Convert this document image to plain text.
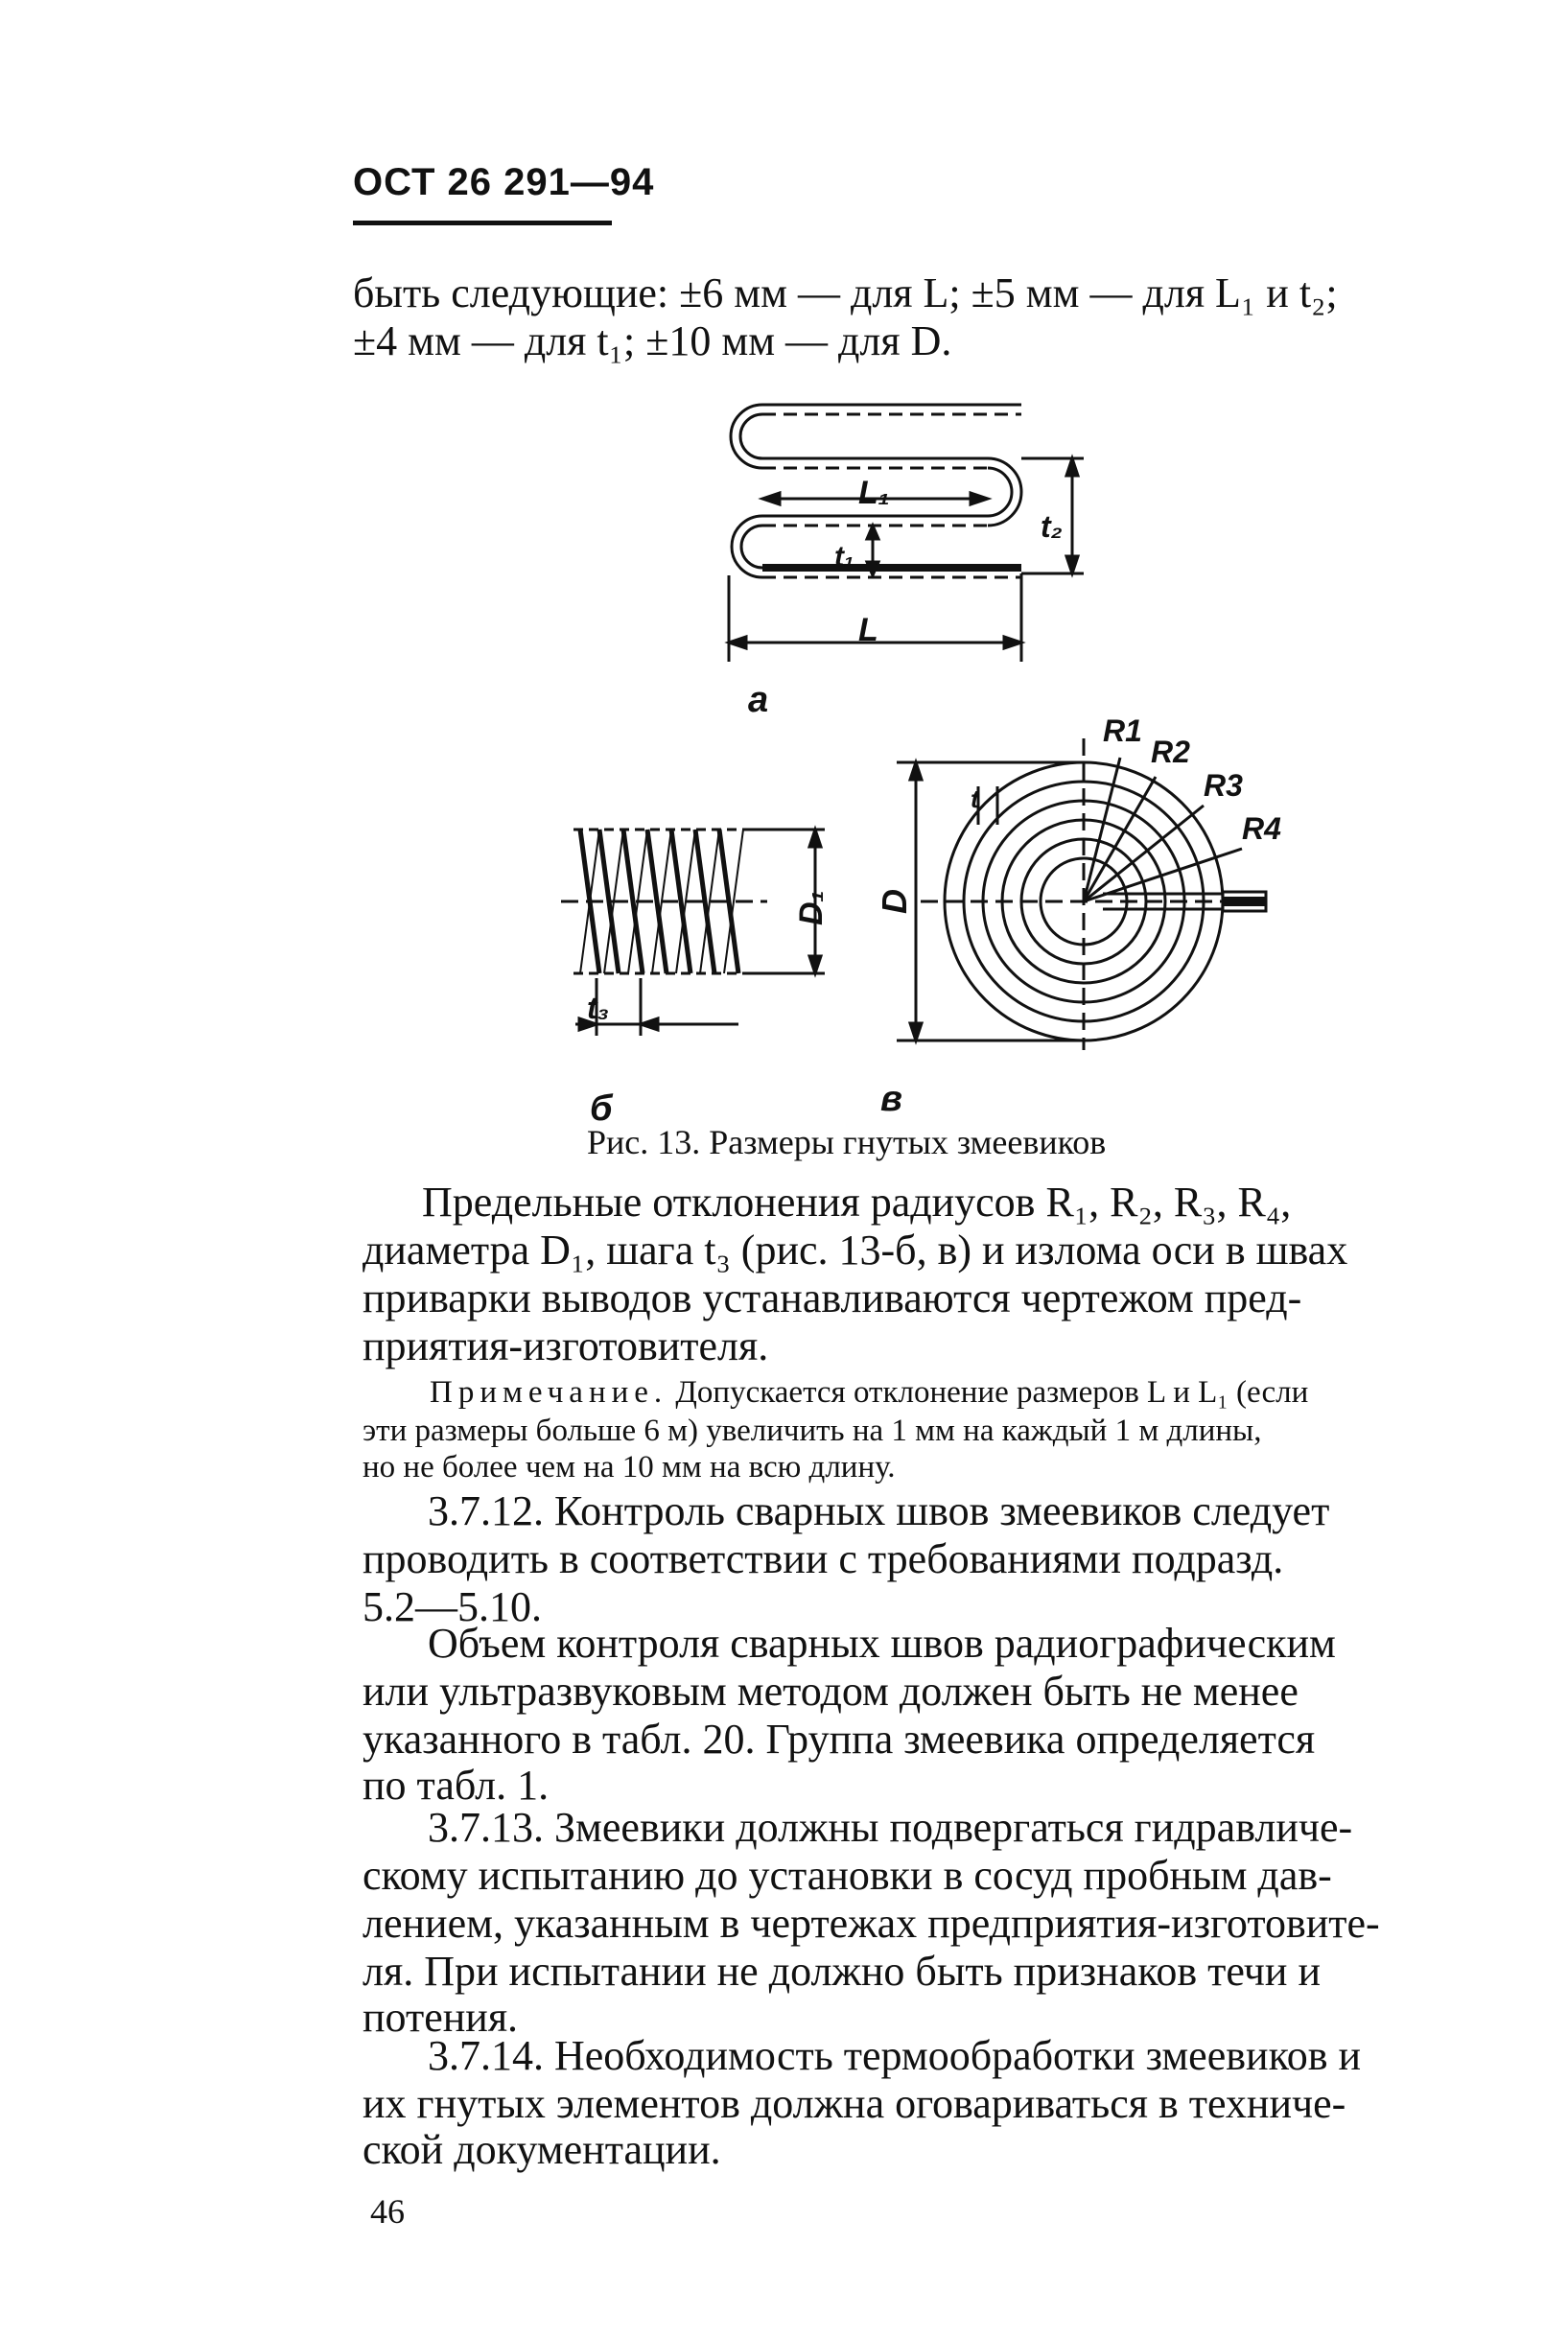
ОСТ 26 291—94
быть следующие: ±6 мм — для L; ±5 мм — для L₁ и t₂;
±4 мм — для t₁; ±10 мм — для D.
L₁
L
t₁
t₂
a
D₁
t₃
б
R1
R2
R3
R4
t
D
в
Рис. 13. Размеры гнутых змеевиков
Предельные отклонения радиусов R₁, R₂, R₃, R₄,
диаметра D₁, шага t₃ (рис. 13-б, в) и излома оси в швах
приварки выводов устанавливаются чертежом пред-
приятия-изготовителя.
Примечание. Допускается отклонение размеров L и L₁ (если
эти размеры больше 6 м) увеличить на 1 мм на каждый 1 м длины,
но не более чем на 10 мм на всю длину.
3.7.12. Контроль сварных швов змеевиков следует
проводить в соответствии с требованиями подразд.
5.2—5.10.
Объем контроля сварных швов радиографическим
или ультразвуковым методом должен быть не менее
указанного в табл. 20. Группа змеевика определяется
по табл. 1.
3.7.13. Змеевики должны подвергаться гидравличе-
скому испытанию до установки в сосуд пробным дав-
лением, указанным в чертежах предприятия-изготовите-
ля. При испытании не должно быть признаков течи и
потения.
3.7.14. Необходимость термообработки змеевиков и
их гнутых элементов должна оговариваться в техниче-
ской документации.
46
